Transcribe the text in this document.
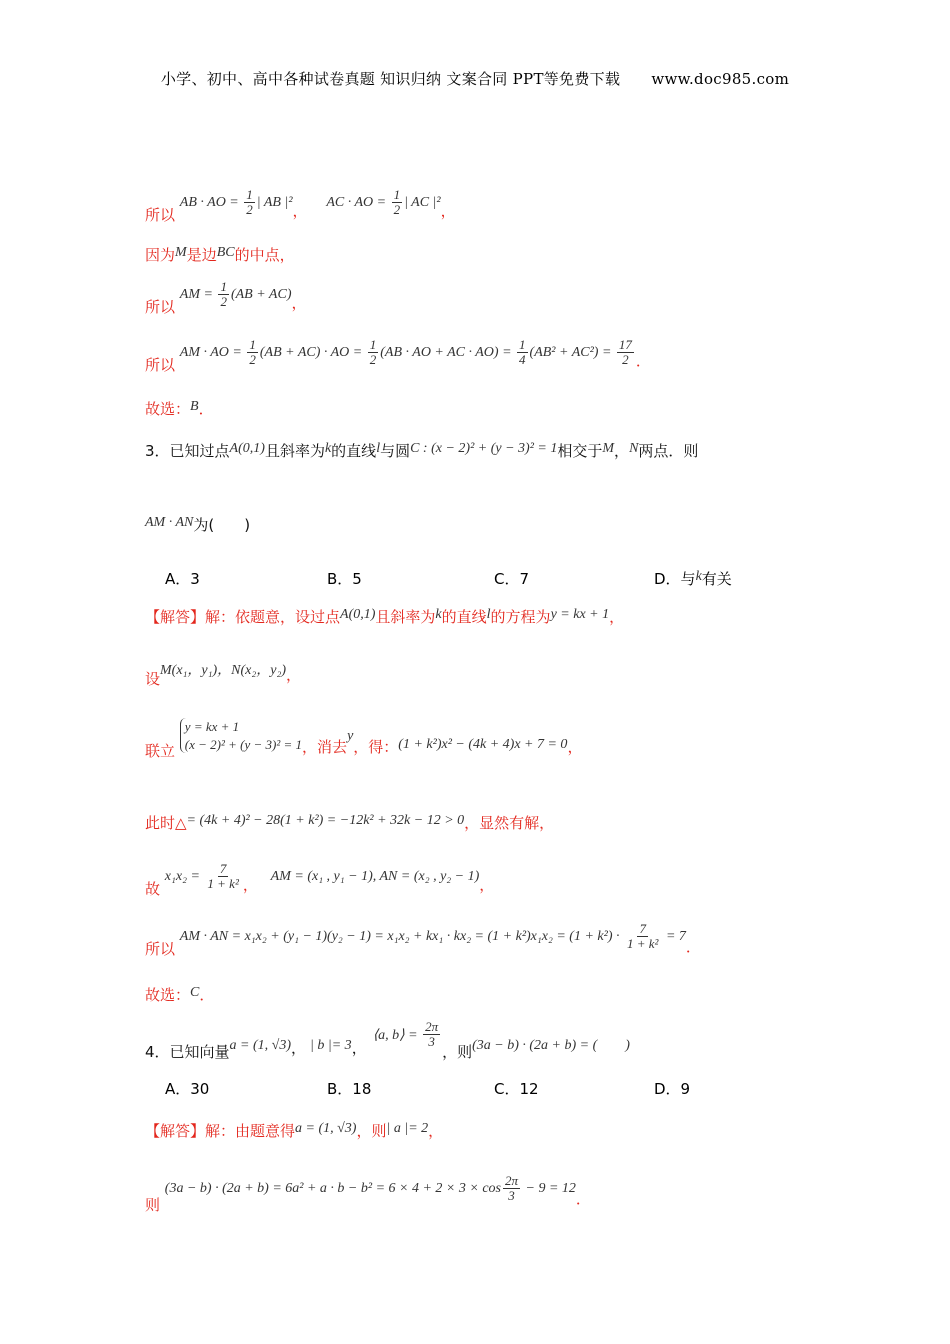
小学、初中、高中各种试卷真题 知识归纳 文案合同 PPT等免费下载 www.doc985.com
所以 AB · AO = $\frac{1}{2}$ | AB |²， AC · AO = $\frac{1}{2}$ | AC |²，
因为M是边BC的中点，
所以 AM = $\frac{1}{2} (AB + AC)$，
所以 AM · AO = $\frac{1}{2} (AB + AC)$ · AO = $\frac{1}{2} (AB$ · AO + AC · $AO) = \frac{1}{4} (AB^2 + AC^2) = \frac{17}{2}$ ．
故选：B．
3．已知过点A(0,1)且斜率为k的直线l与圆C : (x − 2)² + (y − 3)² = 1相交于M，N两点．则
AM · AN为(　　)
A．3	B．5	C．7	D．与k有关
【解答】解：依题意，设过点A(0,1)且斜率为k的直线l的方程为y = kx + 1，
设M(x₁，y₁)，N(x₂，y₂)，
联立 y = kx + 1
(x − 2)² + (y − 3)² = 1，消去y，得：(1 + k²)x² − (4k + 4)x + 7 = 0，
此时△= (4k + 4)² − 28(1 + k²) = −12k² + 32k − 12 > 0，显然有解，
故 $x_1x_2 = \frac{7}{\text{1 + k²}}$ ， AM = (x₁ , y₁ − 1), AN = (x₂ , y₂ − 1)，
所以 AM · AN = $x_1x_2 + (y_1 - 1)(y_2 - 1) = x_1x_2 + kx_1 \cdot kx_2 = (1 + k^2)x_1x_2 = (1 + k^2) \cdot \frac{7}{\text{1 + k²}} = 7$．
故选：C．
4．已知向量a = (1, √3)， | b |= 3，⟨a, b⟩ = $\frac{2\pi}{3}$
，则(3a − b) · (2a + b) = (　　)
A．30	B．18	C．12	D．9
【解答】解：由题意得a = (1, √3)，则| a |= 2，
则 $(3a - b) \cdot (2a + b) = 6a^2 + a \cdot b - b^2 = 6 \times 4 + 2 \times 3 \times \cos \frac{2\pi}{3} - 9 = 12$．
